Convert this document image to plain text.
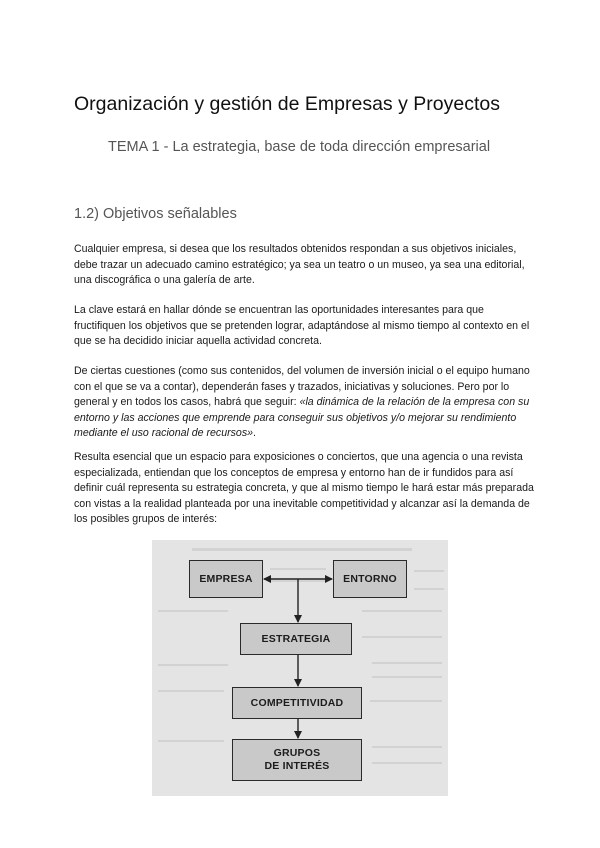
Organización y gestión de Empresas y Proyectos
TEMA 1 - La estrategia, base de toda dirección empresarial
1.2) Objetivos señalables

Cualquier empresa, si desea que los resultados obtenidos respondan a sus objetivos iniciales, debe trazar un adecuado camino estratégico; ya sea un teatro o un museo, ya sea una editorial, una discográfica o una galería de arte.

La clave estará en hallar dónde se encuentran las oportunidades interesantes para que fructifiquen los objetivos que se pretenden lograr, adaptándose al mismo tiempo al contexto en el que se ha decidido iniciar aquella actividad concreta.

De ciertas cuestiones (como sus contenidos, del volumen de inversión inicial o el equipo humano con el que se va a contar), dependerán fases y trazados, iniciativas y soluciones. Pero por lo general y en todos los casos, habrá que seguir: «la dinámica de la relación de la empresa con su entorno y las acciones que emprende para conseguir sus objetivos y/o mejorar su rendimiento mediante el uso racional de recursos».

Resulta esencial que un espacio para exposiciones o conciertos, que una agencia o una revista especializada, entiendan que los conceptos de empresa y entorno han de ir fundidos para así definir cuál representa su estrategia concreta, y que al mismo tiempo le hará estar más preparada con vistas a la realidad planteada por una inevitable competitividad y alcanzar así la demanda de los posibles grupos de interés:

EMPRESA	ENTORNO
ESTRATEGIA
COMPETITIVIDAD
GRUPOS
DE INTERÉS
